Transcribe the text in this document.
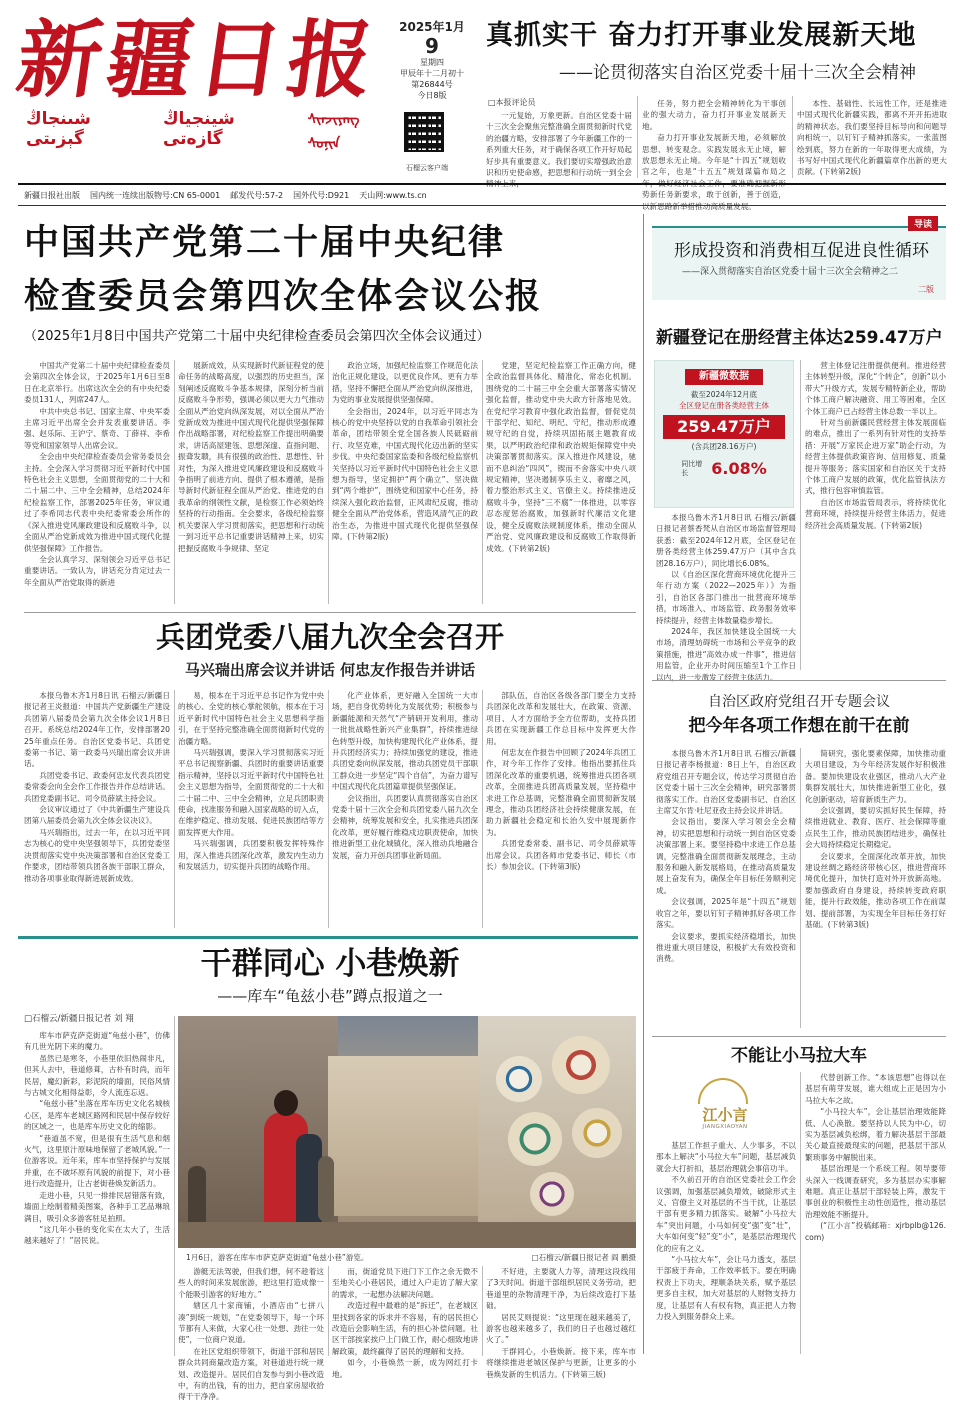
新疆日报
شىنجاڭ گېزىتى
شينجياڭ گازەتى
ᠰᠢᠨᠵᠢᠶᠠᠩ ᠰᠣᠨᠢᠨ
2025年1月
9
星期四
甲辰年十二月初十
第26844号
今日8版
石榴云客户端
真抓实干 奋力打开事业发展新天地
——论贯彻落实自治区党委十届十三次全会精神
□本报评论员
一元复始，万象更新。自治区党委十届十三次全会聚焦完整准确全面贯彻新时代党的治疆方略，安排部署了今年新疆工作的一系列重大任务，对于确保各项工作开好局起好步具有重要意义。我们要切实增强政治意识和历史使命感，把思想和行动统一到全会精神上来，

任务，努力把全会精神转化为干事创业的强大动力，奋力打开事业发展新天地。

奋力打开事业发展新天地，必须解放思想、转变观念。实践发展永无止境，解放思想永无止境。今年是“十四五”规划收官之年，也是“十五五”规划谋篇布局之年，做好经济社会工作，要准确把握新形势新任务新要求，敢于创新，善于创造，以新思路新举措推动高质量发展。

本性、基础性、长远性工作，还是推进中国式现代化新疆实践，都离不开开拓进取的精神状态。我们要坚持目标导向和问题导向相统一，以钉钉子精神抓落实，一张蓝图绘到底，努力在新的一年取得更大成绩，为书写好中国式现代化新疆篇章作出新的更大贡献。(下转第2版)
新疆日报社出版 国内统一连续出版物号:CN 65-0001 邮发代号:57-2 国外代号:D921 天山网:www.ts.cn
中国共产党第二十届中央纪律
检查委员会第四次全体会议公报
（2025年1月8日中国共产党第二十届中央纪律检查委员会第四次全体会议通过）

中国共产党第二十届中央纪律检查委员会第四次全体会议，于2025年1月6日至8日在北京举行。出席这次全会的有中央纪委委员131人，列席247人。

中共中央总书记、国家主席、中央军委主席习近平出席全会并发表重要讲话。李强、赵乐际、王沪宁、蔡奇、丁薛祥、李希等党和国家领导人出席会议。

全会由中央纪律检查委员会常务委员会主持。全会深入学习贯彻习近平新时代中国特色社会主义思想，全面贯彻党的二十大和二十届二中、三中全会精神，总结2024年纪检监察工作，部署2025年任务，审议通过了李希同志代表中央纪委常委会所作的《深入推进党风廉政建设和反腐败斗争，以全面从严治党新成效为推进中国式现代化提供坚强保障》工作报告。

全会认真学习、深刻领会习近平总书记重要讲话。一致认为，讲话充分肯定过去一年全面从严治党取得的新进

展新成效，从实现新时代新征程党的使命任务的战略高度，以强烈的历史担当，深刻阐述反腐败斗争基本规律，深刻分析当前反腐败斗争形势，强调必须以更大力气推动全面从严治党向纵深发展，对以全面从严治党新成效为推进中国式现代化提供坚强保障作出战略部署，对纪检监察工作提出明确要求，讲话高屋建瓴、思想深邃、直指问题、振聋发聩，具有很强的政治性、思想性、针对性，为深入推进党风廉政建设和反腐败斗争指明了前进方向、提供了根本遵循，是指导新时代新征程全面从严治党、推进党的自我革命的纲领性文献，是检察工作必须始终坚持的行动指南。全会要求，各级纪检监察机关要深入学习贯彻落实，把思想和行动统一到习近平总书记重要讲话精神上来，切实把握反腐败斗争规律、坚定

政治立场，加强纪检监察工作规范化法治化正规化建设，以更优良作风、更有力举措，坚持不懈把全面从严治党向纵深推进，为党的事业发展提供坚强保障。

全会指出，2024年，以习近平同志为核心的党中央坚持以党的自我革命引领社会革命，团结带领全党全国各族人民砥砺前行、攻坚克难，中国式现代化迈出新的坚实步伐。中央纪委国家监委和各级纪检监察机关坚持以习近平新时代中国特色社会主义思想为指导，坚定拥护“两个确立”、坚决做到“两个维护”，围绕党和国家中心任务，持续深入强化政治监督，正风肃纪反腐，推动健全全面从严治党体系，营造风清气正的政治生态，为推进中国式现代化提供坚强保障。(下转第2版)

党建，坚定纪检监察工作正确方向，健全政治监督具体化、精准化、常态化机制。围绕党的二十届三中全会重大部署落实情况强化监督，推动党中央大政方针落地见效。在党纪学习教育中强化政治监督，督促党员干部学纪、知纪、明纪、守纪，推动形成遵规守纪的自觉，持续巩固拓展主题教育成果，以严明政治纪律和政治规矩保障党中央决策部署贯彻落实。深入推进作风建设，驰而不息纠治“四风”，锲而不舍落实中央八项规定精神，坚决遏制享乐主义、奢靡之风，着力整治形式主义、官僚主义。持续推进反腐败斗争，坚持“三不腐”一体推进，以零容忍态度惩治腐败，加强新时代廉洁文化建设，健全反腐败法规制度体系，推动全面从严治党、党风廉政建设和反腐败工作取得新成效。(下转第2版)
导读
形成投资和消费相互促进良性循环
——深入贯彻落实自治区党委十届十三次全会精神之二
二版
新疆登记在册经营主体达259.47万户
新疆微数据
截至2024年12月底
全区登记在册各类经营主体
259.47万户
(含兵团28.16万户)
同比增长	6.08%

本报乌鲁木齐1月8日讯 石榴云/新疆日报记者蔡香梵从自治区市场监督管理局获悉：截至2024年12月底，全区登记在册各类经营主体259.47万户（其中含兵团28.16万户），同比增长6.08%。

以《自治区深化营商环境优化提升三年行动方案（2022—2025年）》为指引，自治区各部门推出一批营商环境举措，市场准入、市场监管、政务服务效率持续提升，经营主体数量稳步增长。

2024年，我区加快建设全国统一大市场，清理妨碍统一市场和公平竞争的政策措施，推进“高效办成一件事”，推进信用监管，企业开办时间压缩至1个工作日以内，进一步激发了经营主体活力。

营主体登记注册提供便利。推进经营主体转型升级，深化“个转企”，创新“以小带大”升级方式，发展专精特新企业，帮助个体工商户解决融资、用工等困难，全区个体工商户已占经营主体总数一半以上。

针对当前新疆民营经营主体发展面临的难点，推出了一系列有针对性的支持举措：开展“万家民企进万家”助企行动，为经营主体提供政策咨询、信用修复、质量提升等服务；落实国家和自治区关于支持个体工商户发展的政策，优化监管执法方式，推行包容审慎监管。

自治区市场监管局表示，将持续优化营商环境，持续提升经营主体活力，促进经济社会高质量发展。(下转第2版)

兵团党委八届九次全会召开
马兴瑞出席会议并讲话 何忠友作报告并讲话

本报乌鲁木齐1月8日讯 石榴云/新疆日报记者王炎报道：中国共产党新疆生产建设兵团第八届委员会第九次全体会议1月8日召开。系统总结2024年工作，安排部署2025年重点任务。自治区党委书记、兵团党委第一书记、第一政委马兴瑞出席会议并讲话。

兵团党委书记、政委何忠友代表兵团党委常委会向全会作工作报告并作总结讲话。兵团党委副书记、司令员薛斌主持会议。

会议审议通过了《中共新疆生产建设兵团第八届委员会第九次全体会议决议》。

马兴瑞指出，过去一年，在以习近平同志为核心的党中央坚强领导下，兵团党委坚决贯彻落实党中央决策部署和自治区党委工作要求，团结带领兵团各族干部职工群众，推动各项事业取得新进展新成效。

易，根本在于习近平总书记作为党中央的核心、全党的核心掌舵领航，根本在于习近平新时代中国特色社会主义思想科学指引，在于坚持完整准确全面贯彻新时代党的治疆方略。

马兴瑞强调，要深入学习贯彻落实习近平总书记视察新疆、兵团时的重要讲话重要指示精神，坚持以习近平新时代中国特色社会主义思想为指导，全面贯彻党的二十大和二十届二中、三中全会精神，立足兵团职责使命，找准服务和融入国家战略的切入点，在维护稳定、推动发展、促进民族团结等方面发挥更大作用。

马兴瑞强调，兵团要积极发挥特殊作用，深入推进兵团深化改革，激发内生动力和发展活力，切实提升兵团的战略作用。

化产业体系，更好融入全国统一大市场，把自身优势转化为发展优势；积极参与新疆能源和天然气“产销研开发利用，推动一批批战略性新兴产业集群”，持续推进绿色转型升级，加快构建现代化产业体系，提升兵团经济实力；持续加强党的建设，推进兵团党委向纵深发展，推动兵团党员干部职工群众进一步坚定“四个自信”，为奋力谱写中国式现代化兵团篇章提供坚强保证。

会议指出，兵团要认真贯彻落实自治区党委十届十三次全会和兵团党委八届九次全会精神，统筹发展和安全，扎实推进兵团深化改革，更好履行维稳戍边职责使命，加快推进新型工业化城镇化，深入推动兵地融合发展，奋力开创兵团事业新局面。

部队伍，自治区各级各部门要全力支持兵团深化改革和发展壮大，在政策、资源、项目、人才方面给予全方位帮助，支持兵团兵团在实现新疆工作总目标中发挥更大作用。

何忠友在作报告中回顾了2024年兵团工作，对今年工作作了安排。他指出要抓住兵团深化改革的重要机遇，统筹推进兵团各项改革，全面推进兵团高质量发展，坚持稳中求进工作总基调，完整准确全面贯彻新发展理念，推动兵团经济社会持续健康发展，在助力新疆社会稳定和长治久安中展现新作为。

兵团党委常委、副书记、司令员薛斌等出席会议。兵团各师市党委书记、师长（市长）参加会议。(下转第3版)

自治区政府党组召开专题会议
把今年各项工作想在前干在前

本报乌鲁木齐1月8日讯 石榴云/新疆日报记者李杨报道：8日上午，自治区政府党组召开专题会议，传达学习贯彻自治区党委十届十三次全会精神，研究部署贯彻落实工作。自治区党委副书记、自治区主席艾尔肯·吐尼亚孜主持会议并讲话。

会议指出，要深入学习领会全会精神，切实把思想和行动统一到自治区党委决策部署上来。要坚持稳中求进工作总基调，完整准确全面贯彻新发展理念，主动服务和融入新发展格局，在推动高质量发展上奋发有为，确保全年目标任务顺利完成。

会议强调，2025年是“十四五”规划收官之年，要以钉钉子精神抓好各项工作落实。

会议要求，要抓实经济稳增长，加快推进重大项目建设，积极扩大有效投资和消费。

简研究，强化要素保障，加快推动重大项目建设，为今年经济发展作好积极准备。要加快建设农业强区，推动八大产业集群发展壮大，加快推进新型工业化，强化创新驱动，培育新质生产力。

会议强调，要切实抓好民生保障，持续推进就业、教育、医疗、社会保障等重点民生工作，推动民族团结进步，确保社会大局持续稳定长期稳定。

会议要求，全面深化改革开放，加快建设丝绸之路经济带核心区，推进营商环境优化提升，加快打造对外开放新高地。要加强政府自身建设，持续转变政府职能，提升行政效能，推动各项工作在前谋划、提前部署，为实现全年目标任务打好基础。(下转第3版)

干群同心 小巷焕新
——库车“龟兹小巷”蹲点报道之一
□石榴云/新疆日报记者 刘 翔

库车市萨克萨克街道“龟兹小巷”，仿佛有几世光阴下来的魔力。

虽然已是寒冬，小巷里依旧热闹非凡，但其人去中，巷道修葺，古朴有时尚，而年民居，魔幻新彩，彩泥院的墙面，民俗风情与古城文化相得益彰，令人流连忘返。

“龟兹小巷”坐落在库车历史文化名城核心区，是库车老城区路网和民居中保存较好的区域之一，也是库车历史文化的缩影。

“巷道虽不宽，但是很有生活气息和烟火气，这里原汁原味地保留了老城风貌。”一位游客说。近年来，库车市坚持保护与发展并重，在不破坏原有风貌的前提下，对小巷进行改造提升，让古老街巷焕发新活力。

走进小巷，只见一排排民居错落有致，墙面上绘制着精美图案，各种手工艺品琳琅满目，吸引众多游客驻足拍照。

“这几年小巷的变化实在太大了，生活越来越好了！”居民说。

1月6日，游客在库车市萨克萨克街道“龟兹小巷”游览。	□石榴云/新疆日报记者 阎 鹏摄

游艇无法驾驶，但我们想，何不趁着这些人的时间来发展旅游，把这里打造成像一个能吸引游客的好地方。”

辖区几十家商铺，小酒店由“七拼八凑”到统一规划，“在党委领导下，每一个环节都有人来做，大家心往一处想、劲往一处使”，一位商户说道。

在社区党组织带领下，街道干部和居民群众共同商量改造方案，对巷道进行统一规划、改造提升。居民们自发参与到小巷改造中，有的出钱，有的出力，把自家房屋收拾得干干净净。

而，街道党员下进门下工作之余无微不至地关心小巷居民，通过入户走访了解大家的需求，一起想办法解决问题。

改造过程中最难的是“拆迁”，在老城区里找到各家的诉求并不容易，有的居民担心改造后会影响生活，有的担心补偿问题。社区干部挨家挨户上门做工作，耐心细致地讲解政策，最终赢得了居民的理解和支持。

如今，小巷焕然一新，成为网红打卡地。

不好进，主要就人力等，清理这段线用了3天时间。街道干部组织居民义务劳动，把巷道里的杂物清理干净，为后续改造打下基础。

居民艾则提说：“这里现在越来越美了，游客也越来越多了，我们的日子也越过越红火了。”

干群同心，小巷焕新。接下来，库车市将继续推进老城区保护与更新，让更多的小巷焕发新的生机活力。(下转第三版)

不能让小马拉大车
江小言
JIANGXIAOYAN

基层工作担子重大、人少事多，不以那本上解决“小马拉大车”问题，基层减负就会大打折扣，基层治理就会事倍功半。

不久前召开的自治区党委社会工作会议强调，加强基层减负增效，破除形式主义、官僚主义对基层的不当干扰，让基层干部有更多精力抓落实。破解“小马拉大车”突出问题，小马如何变“强”变“壮”，大车如何变“轻”变“小”，是基层治理现代化的应有之义。

“小马拉大车”，会让马力透支，基层干部疲于奔命，工作效率低下。要在明确权责上下功夫，理顺条块关系，赋予基层更多自主权，加大对基层的人财物支持力度，让基层有人有权有物，真正把人力物力投入到服务群众上来。

代替创新工作。“本该思想”也得以在基层有萌芽发展，谁大组成上正是因为小马拉大车之故。

“小马拉大车”，会让基层治理效能降低、人心涣散。要坚持以人民为中心，切实为基层减负松绑，着力解决基层干部最关心最直接最现实的问题，把基层干部从繁琐事务中解脱出来。

基层治理是一个系统工程。领导要带头深入一线调查研究，多为基层办实事解难题。真正让基层干部轻装上阵，激发干事创业的积极性主动性创造性，推动基层治理效能不断提升。

(“江小言”投稿邮箱：xjrbplb@126.com)
